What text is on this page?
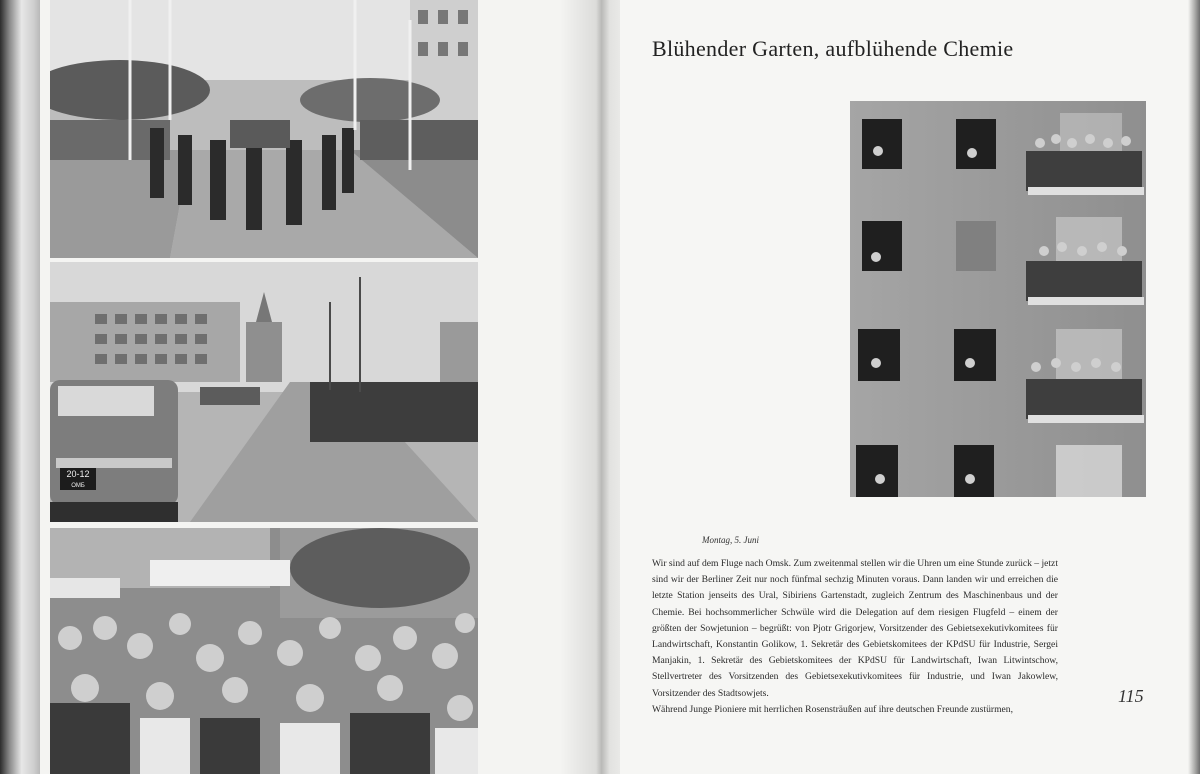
20-12
ОМБ
Blühender Garten, aufblühende Chemie
Montag, 5. Juni

Wir sind auf dem Fluge nach Omsk. Zum zweitenmal stellen wir die Uhren um eine Stunde zurück – jetzt sind wir der Berliner Zeit nur noch fünfmal sechzig Minuten voraus. Dann landen wir und erreichen die letzte Station jenseits des Ural, Sibiriens Gartenstadt, zugleich Zentrum des Maschinenbaus und der Chemie. Bei hochsommerlicher Schwüle wird die Delegation auf dem riesigen Flugfeld – einem der größten der Sowjetunion – begrüßt: von Pjotr Grigorjew, Vorsitzender des Gebietsexekutivkomitees für Landwirtschaft, Konstantin Golikow, 1. Sekretär des Gebietskomitees der KPdSU für Industrie, Sergei Manjakin, 1. Sekretär des Gebietskomitees der KPdSU für Landwirtschaft, Iwan Litwintschow, Stellvertreter des Vorsitzenden des Gebietsexekutivkomitees für Industrie, und Iwan Jakowlew, Vorsitzender des Stadtsowjets.

Während Junge Pioniere mit herrlichen Rosensträußen auf ihre deutschen Freunde zustürmen,

115
